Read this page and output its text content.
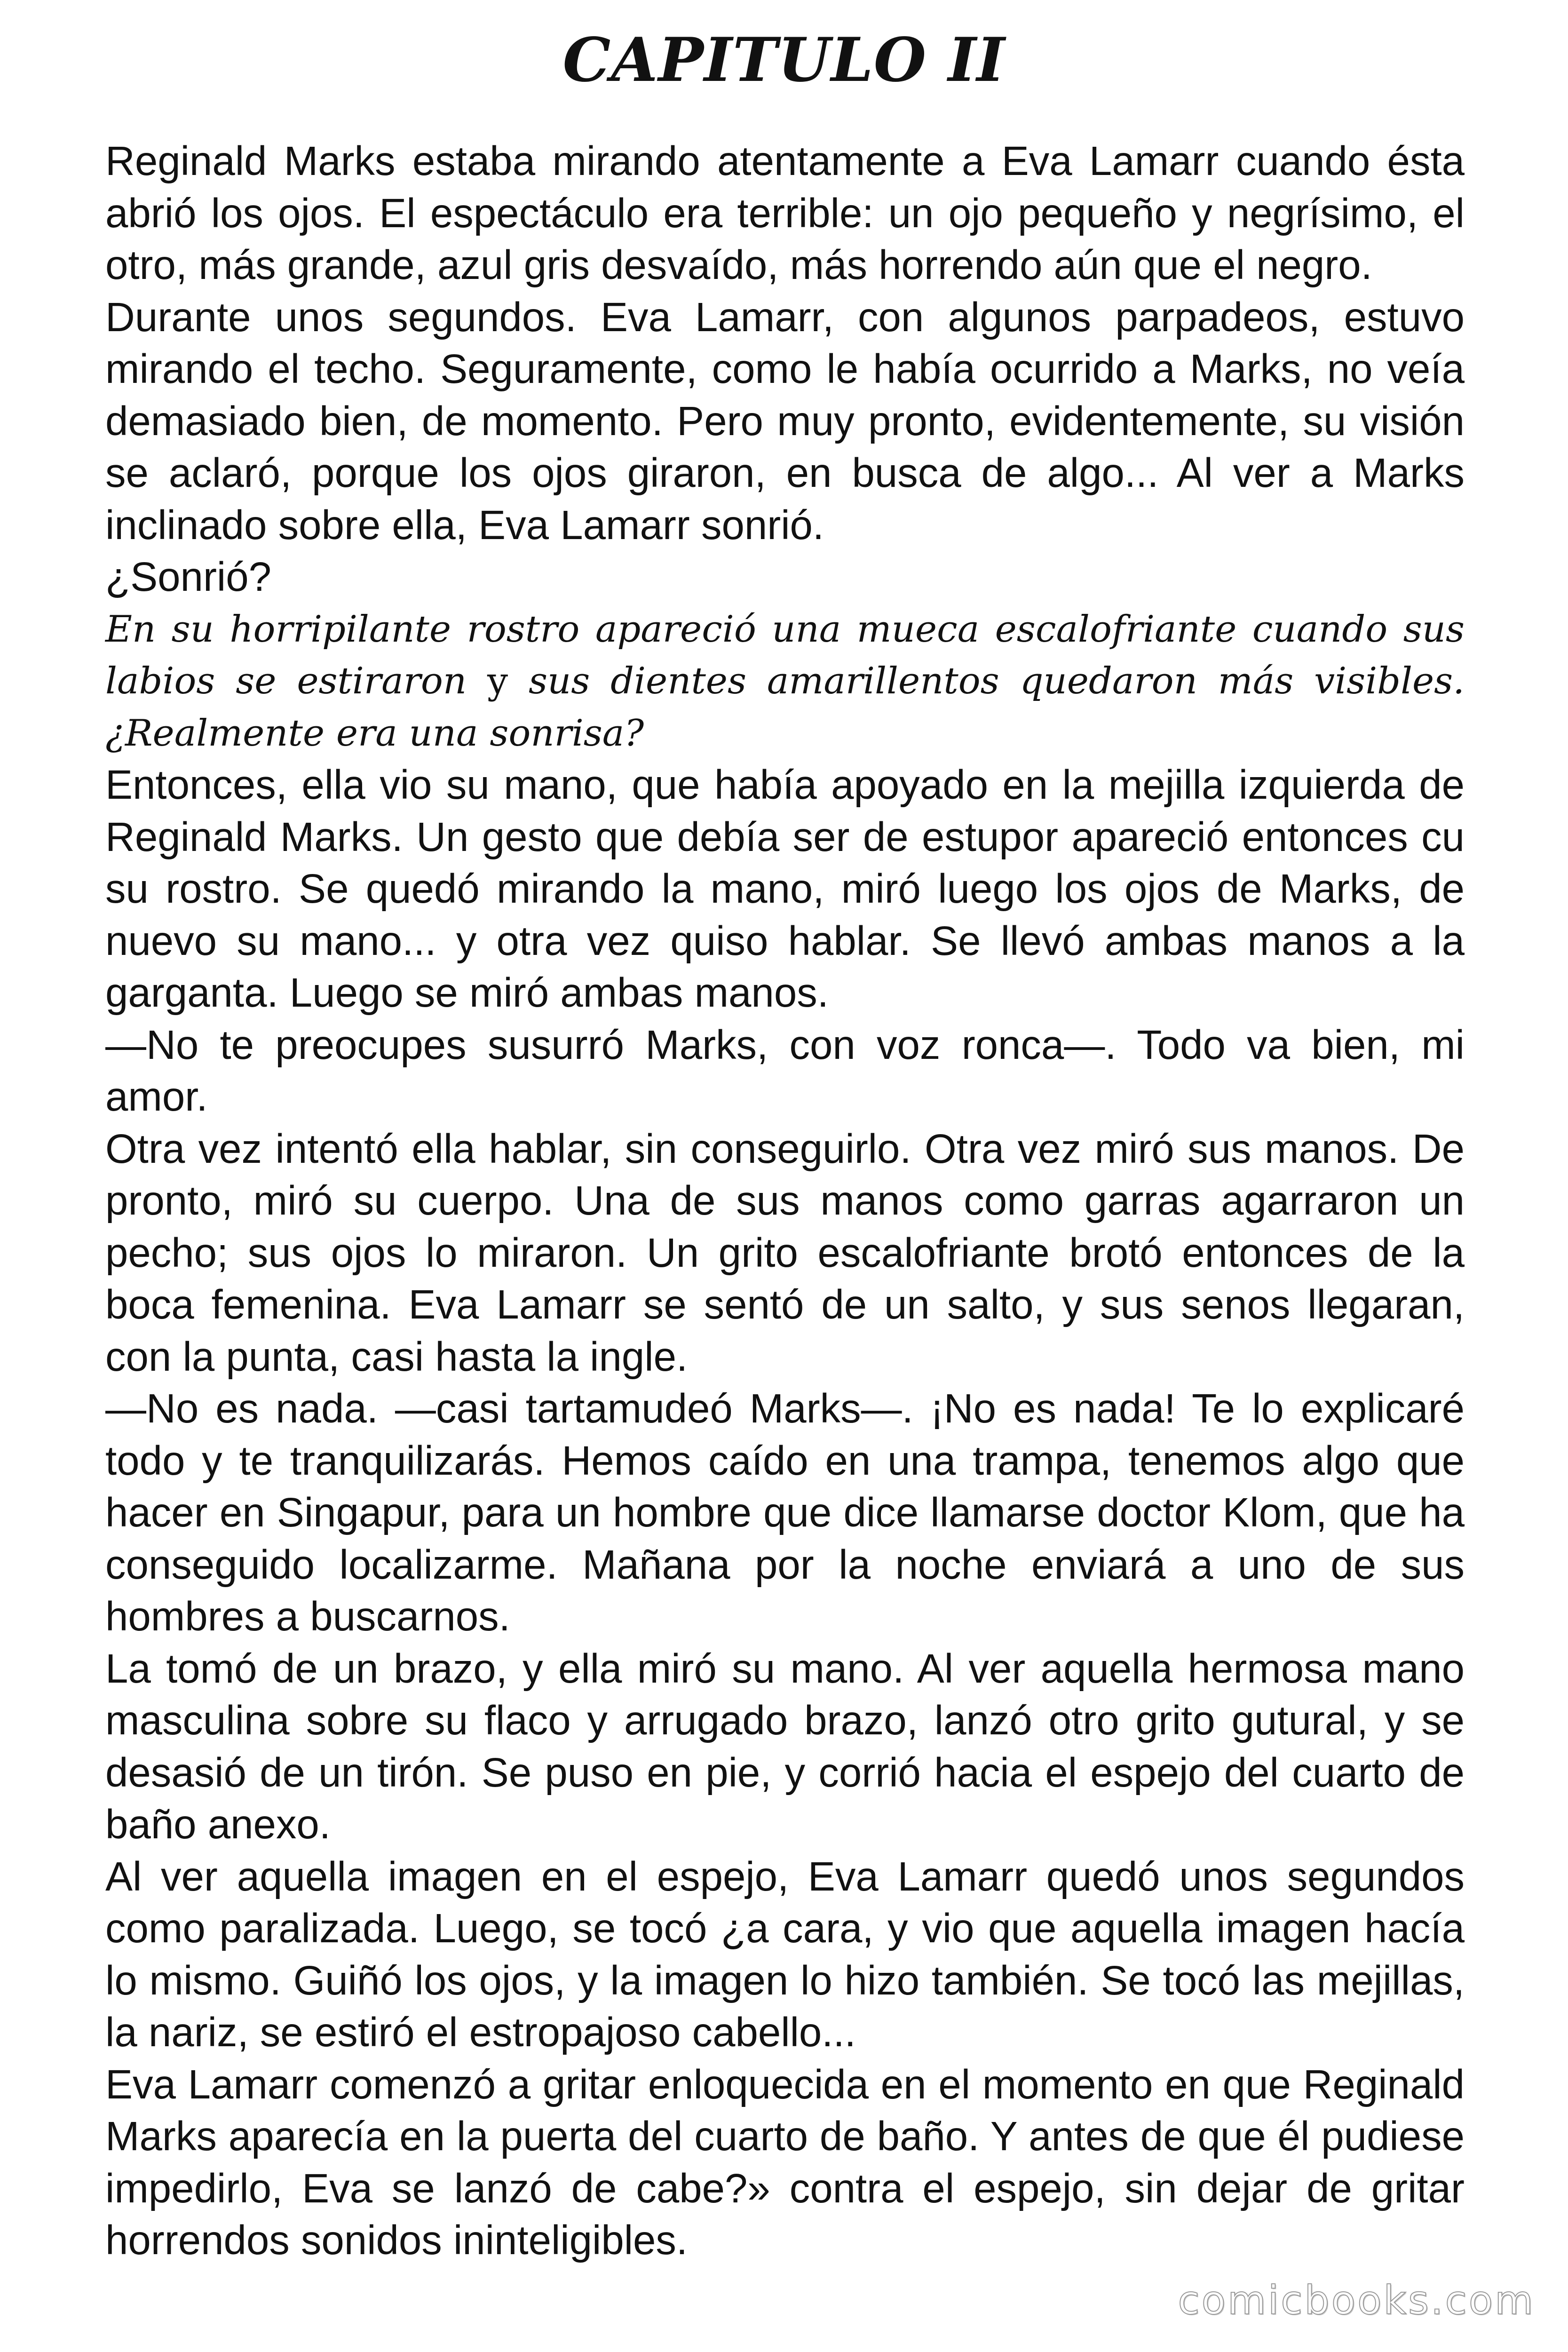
CAPITULO II

Reginald Marks estaba mirando atentamente a Eva Lamarr cuando ésta abrió los ojos. El espectáculo era terrible: un ojo pequeño y negrísimo, el otro, más grande, azul gris desvaído, más horrendo aún que el negro.

Durante unos segundos. Eva Lamarr, con algunos parpadeos, estuvo mirando el techo. Seguramente, como le había ocurrido a Marks, no veía demasiado bien, de momento. Pero muy pronto, evidentemente, su visión se aclaró, porque los ojos giraron, en busca de algo... Al ver a Marks inclinado sobre ella, Eva Lamarr sonrió.

¿Sonrió?

En su horripilante rostro apareció una mueca escalofriante cuando sus labios se estiraron y sus dientes amarillentos quedaron más visibles. ¿Realmente era una sonrisa?

Entonces, ella vio su mano, que había apoyado en la mejilla izquierda de Reginald Marks. Un gesto que debía ser de estupor apareció entonces cu su rostro. Se quedó mirando la mano, miró luego los ojos de Marks, de nuevo su mano... y otra vez quiso hablar. Se llevó ambas manos a la garganta. Luego se miró ambas manos.

—No te preocupes susurró Marks, con voz ronca—. Todo va bien, mi amor.

Otra vez intentó ella hablar, sin conseguirlo. Otra vez miró sus manos. De pronto, miró su cuerpo. Una de sus manos como garras agarraron un pecho; sus ojos lo miraron. Un grito escalofriante brotó entonces de la boca femenina. Eva Lamarr se sentó de un salto, y sus senos llegaran, con la punta, casi hasta la ingle.

—No es nada. —casi tartamudeó Marks—. ¡No es nada! Te lo explicaré todo y te tranquilizarás. Hemos caído en una trampa, tenemos algo que hacer en Singapur, para un hombre que dice llamarse doctor Klom, que ha conseguido localizarme. Mañana por la noche enviará a uno de sus hombres a buscarnos.

La tomó de un brazo, y ella miró su mano. Al ver aquella hermosa mano masculina sobre su flaco y arrugado brazo, lanzó otro grito gutural, y se desasió de un tirón. Se puso en pie, y corrió hacia el espejo del cuarto de baño anexo.

Al ver aquella imagen en el espejo, Eva Lamarr quedó unos segundos como paralizada. Luego, se tocó ¿a cara, y vio que aquella imagen hacía lo mismo. Guiñó los ojos, y la imagen lo hizo también. Se tocó las mejillas, la nariz, se estiró el estropajoso cabello...

Eva Lamarr comenzó a gritar enloquecida en el momento en que Reginald Marks aparecía en la puerta del cuarto de baño. Y antes de que él pudiese impedirlo, Eva se lanzó de cabe?» contra el espejo, sin dejar de gritar horrendos sonidos ininteligibles.

comicbooks.com
